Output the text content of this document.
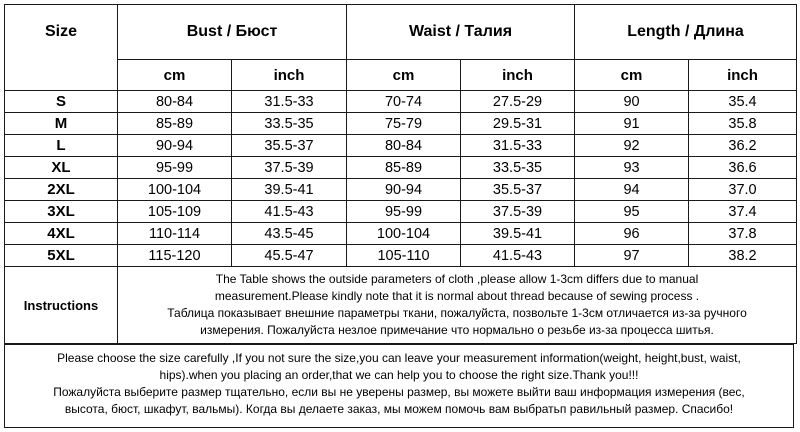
Size	Bust / Бюст		Waist / Талия		Length / Длина	
	cm	inch	cm	inch	cm	inch
S	80-84	31.5-33	70-74	27.5-29	90	35.4
M	85-89	33.5-35	75-79	29.5-31	91	35.8
L	90-94	35.5-37	80-84	31.5-33	92	36.2
XL	95-99	37.5-39	85-89	33.5-35	93	36.6
2XL	100-104	39.5-41	90-94	35.5-37	94	37.0
3XL	105-109	41.5-43	95-99	37.5-39	95	37.4
4XL	110-114	43.5-45	100-104	39.5-41	96	37.8
5XL	115-120	45.5-47	105-110	41.5-43	97	38.2
Instructions	The Table shows the outside parameters of cloth ,please allow 1-3cm differs due to manual
measurement.Please kindly note that it is normal about thread because of sewing process .
Таблица показывает внешние параметры ткани, пожалуйста, позвольте 1-3см отличается из-за ручного
измерения. Пожалуйста незлое примечание что нормально о резьбе из-за процесса шитья.					
Please choose the size carefully ,If you not sure the size,you can leave your measurement information(weight, height,bust, waist,
hips).when you placing an order,that we can help you to choose the right size.Thank you!!!
Пожалуйста выберите размер тщательно, если вы не уверены размер, вы можете выйти ваш информация измерения (вес,
высота, бюст, шкафут, вальмы). Когда вы делаете заказ, мы можем помочь вам выбратьп равильный размер. Спасибо!
